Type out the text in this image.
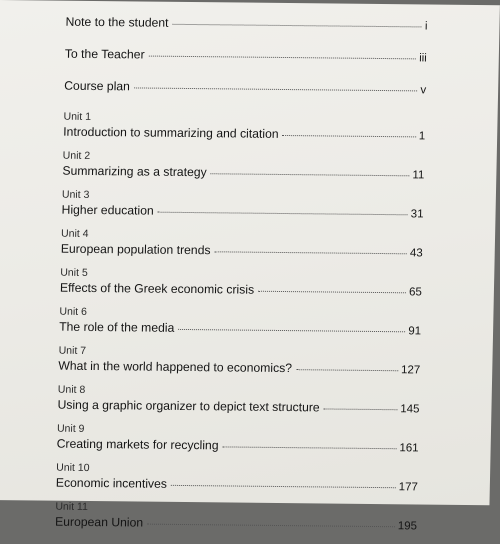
Note to the student	i
To the Teacher	iii
Course plan	v
Unit 1
Introduction to summarizing and citation	1
Unit 2
Summarizing as a strategy	11
Unit 3
Higher education	31
Unit 4
European population trends	43
Unit 5
Effects of the Greek economic crisis	65
Unit 6
The role of the media	91
Unit 7
What in the world happened to economics?	127
Unit 8
Using a graphic organizer to depict text structure	145
Unit 9
Creating markets for recycling	161
Unit 10
Economic incentives	177
Unit 11
European Union	195
